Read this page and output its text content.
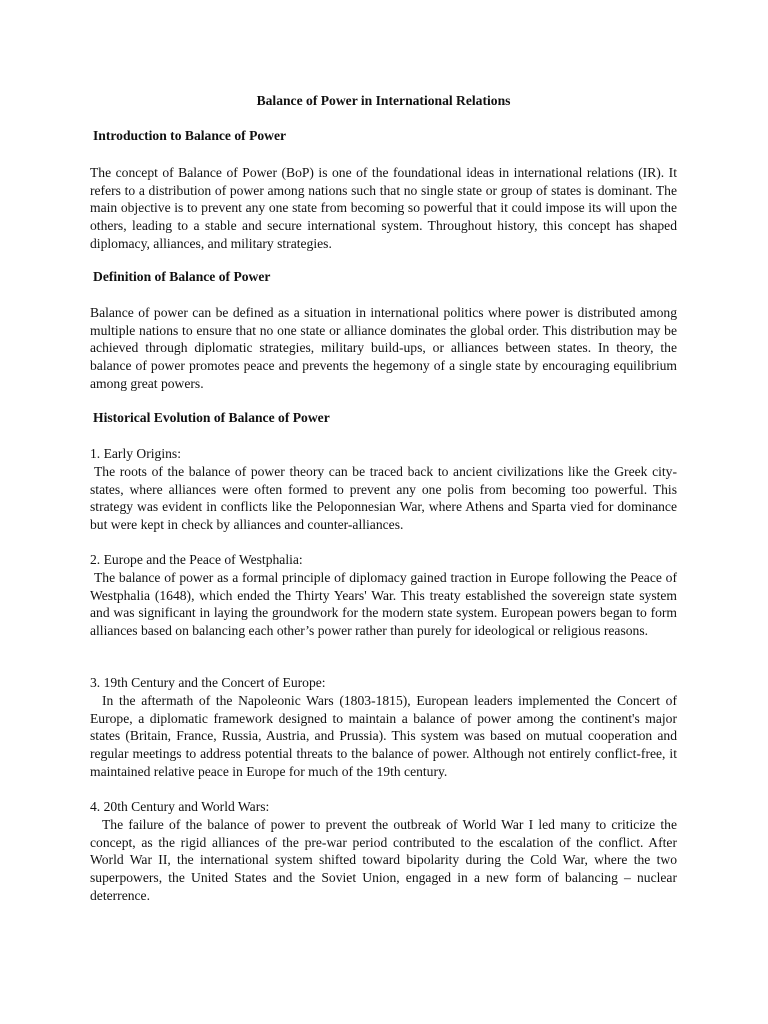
Balance of Power in International Relations
Introduction to Balance of Power

The concept of Balance of Power (BoP) is one of the foundational ideas in international relations (IR). It refers to a distribution of power among nations such that no single state or group of states is dominant. The main objective is to prevent any one state from becoming so powerful that it could impose its will upon the others, leading to a stable and secure international system. Throughout history, this concept has shaped diplomacy, alliances, and military strategies.

Definition of Balance of Power

Balance of power can be defined as a situation in international politics where power is distributed among multiple nations to ensure that no one state or alliance dominates the global order. This distribution may be achieved through diplomatic strategies, military build-ups, or alliances between states. In theory, the balance of power promotes peace and prevents the hegemony of a single state by encouraging equilibrium among great powers.

Historical Evolution of Balance of Power

1. Early Origins:

The roots of the balance of power theory can be traced back to ancient civilizations like the Greek city-states, where alliances were often formed to prevent any one polis from becoming too powerful. This strategy was evident in conflicts like the Peloponnesian War, where Athens and Sparta vied for dominance but were kept in check by alliances and counter-alliances.

2. Europe and the Peace of Westphalia:

The balance of power as a formal principle of diplomacy gained traction in Europe following the Peace of Westphalia (1648), which ended the Thirty Years' War. This treaty established the sovereign state system and was significant in laying the groundwork for the modern state system. European powers began to form alliances based on balancing each other’s power rather than purely for ideological or religious reasons.

3. 19th Century and the Concert of Europe:

In the aftermath of the Napoleonic Wars (1803-1815), European leaders implemented the Concert of Europe, a diplomatic framework designed to maintain a balance of power among the continent's major states (Britain, France, Russia, Austria, and Prussia). This system was based on mutual cooperation and regular meetings to address potential threats to the balance of power. Although not entirely conflict-free, it maintained relative peace in Europe for much of the 19th century.

4. 20th Century and World Wars:

The failure of the balance of power to prevent the outbreak of World War I led many to criticize the concept, as the rigid alliances of the pre-war period contributed to the escalation of the conflict. After World War II, the international system shifted toward bipolarity during the Cold War, where the two superpowers, the United States and the Soviet Union, engaged in a new form of balancing – nuclear deterrence.
